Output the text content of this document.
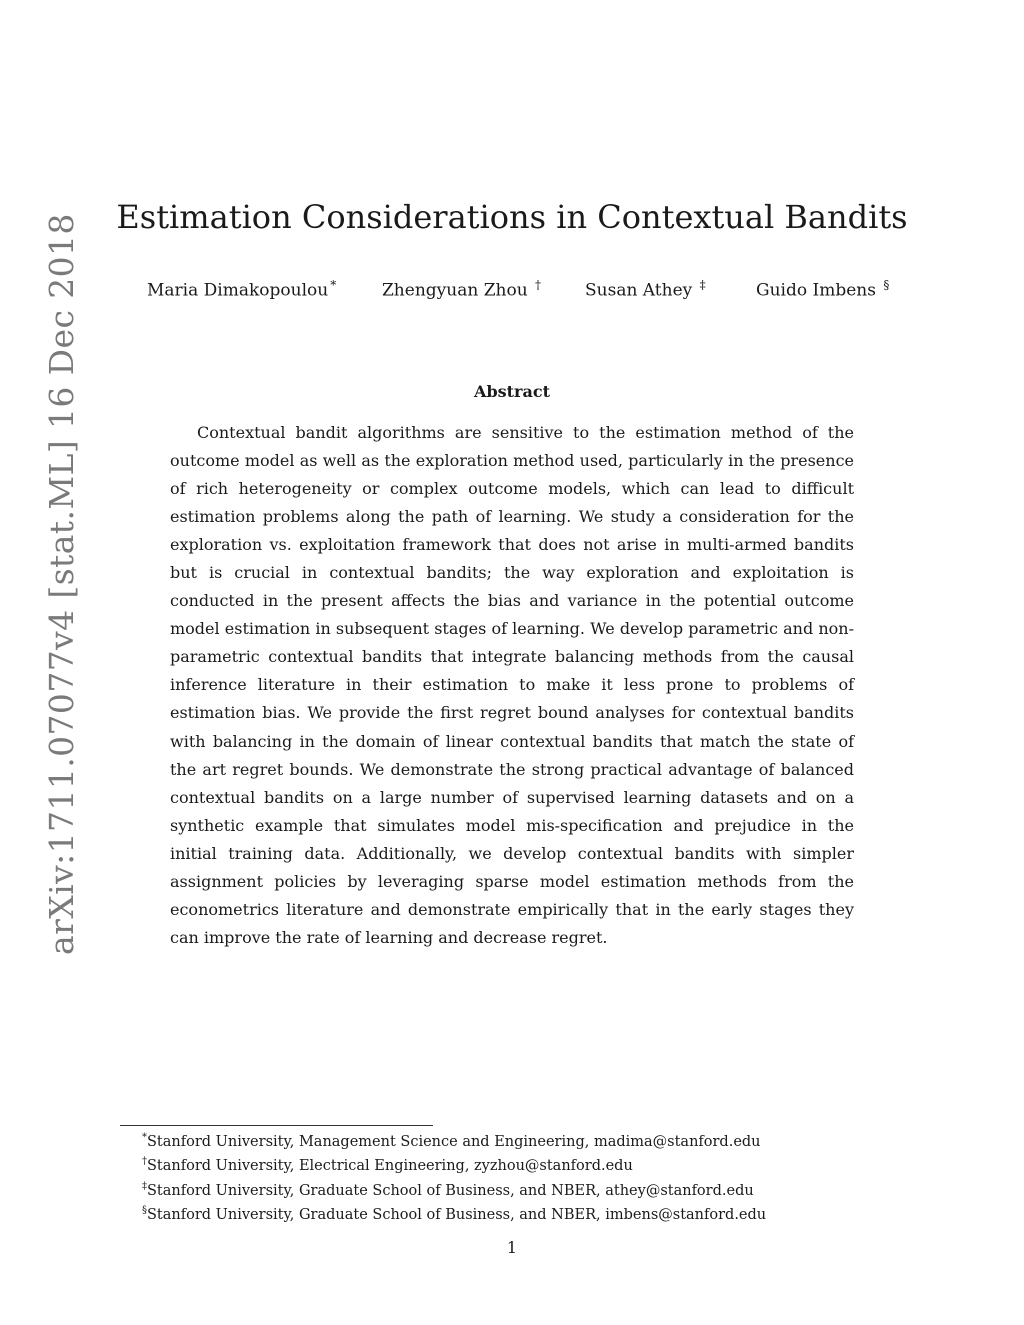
arXiv:1711.07077v4 [stat.ML] 16 Dec 2018	Estimation Considerations in Contextual Bandits
Maria Dimakopoulou *	Zhengyuan Zhou †	Susan Athey ‡	Guido Imbens §
Abstract

Contextual bandit algorithms are sensitive to the estimation method of the outcome model as well as the exploration method used, particularly in the presence of rich heterogeneity or complex outcome models, which can lead to difficult estimation problems along the path of learning. We study a consideration for the exploration vs. exploitation framework that does not arise in multi-armed bandits but is crucial in contextual bandits; the way exploration and exploitation is conducted in the present affects the bias and variance in the potential outcome model estimation in subsequent stages of learning. We develop parametric and non-parametric contextual bandits that integrate balancing methods from the causal inference literature in their estimation to make it less prone to problems of estimation bias. We provide the first regret bound analyses for contextual bandits with balancing in the domain of linear contextual bandits that match the state of the art regret bounds. We demonstrate the strong practical advantage of balanced contextual bandits on a large number of supervised learning datasets and on a synthetic example that simulates model mis-specification and prejudice in the initial training data. Additionally, we develop contextual bandits with simpler assignment policies by leveraging sparse model estimation methods from the econometrics literature and demonstrate empirically that in the early stages they can improve the rate of learning and decrease regret.

*Stanford University, Management Science and Engineering, madima@stanford.edu
†Stanford University, Electrical Engineering, zyzhou@stanford.edu
‡Stanford University, Graduate School of Business, and NBER, athey@stanford.edu
§Stanford University, Graduate School of Business, and NBER, imbens@stanford.edu
1
